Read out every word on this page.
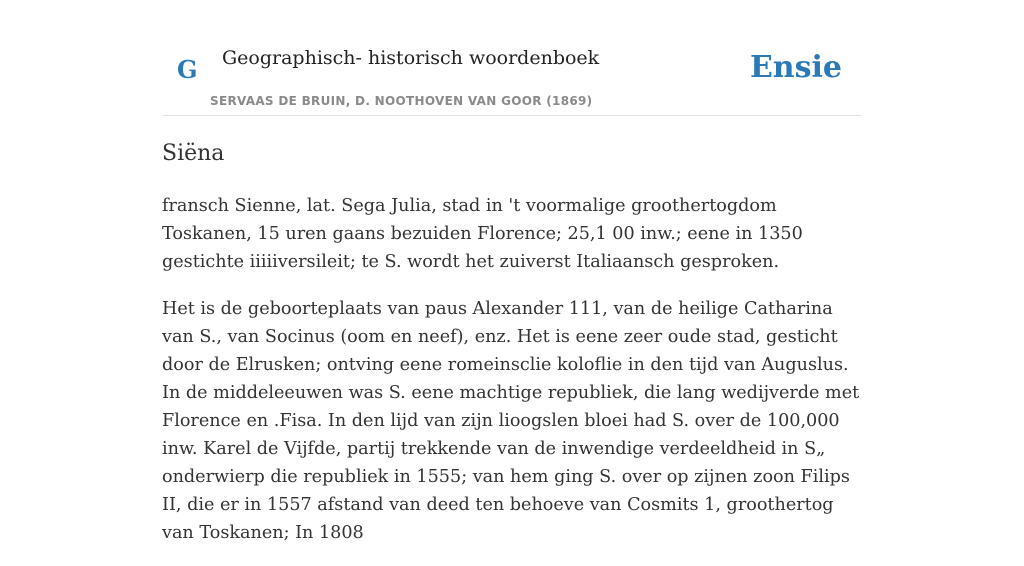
G Geographisch- historisch woordenboek
SERVAAS DE BRUIN, D. NOOTHOVEN VAN GOOR (1869)
Ensie
Siëna

fransch Sienne, lat. Sega Julia, stad in 't voormalige groothertogdom Toskanen, 15 uren gaans bezuiden Florence; 25,1 00 inw.; eene in 1350 gestichte iiiiiversileit; te S. wordt het zuiverst Italiaansch gesproken.

Het is de geboorteplaats van paus Alexander 111, van de heilige Catharina van S., van Socinus (oom en neef), enz. Het is eene zeer oude stad, gesticht door de Elrusken; ontving eene romeinsclie koloflie in den tijd van Auguslus. In de middeleeuwen was S. eene machtige republiek, die lang wedijverde met Florence en .Fisa. In den lijd van zijn lioogslen bloei had S. over de 100,000 inw. Karel de Vijfde, partij trekkende van de inwendige verdeeldheid in S„ onderwierp die republiek in 1555; van hem ging S. over op zijnen zoon Filips II, die er in 1557 afstand van deed ten behoeve van Cosmits 1, groothertog van Toskanen; In 1808
